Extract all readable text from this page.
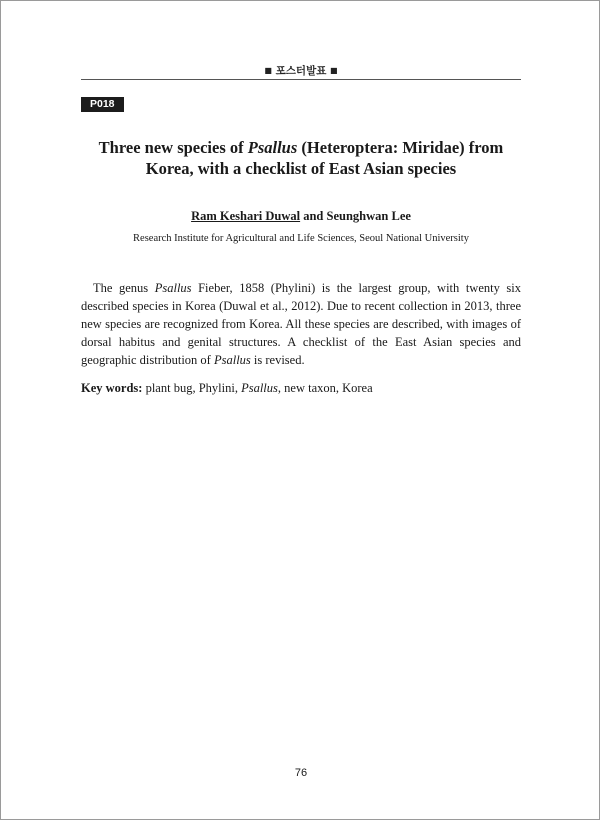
■ 포스터발표 ■
P018
Three new species of Psallus (Heteroptera: Miridae) from Korea, with a checklist of East Asian species
Ram Keshari Duwal and Seunghwan Lee
Research Institute for Agricultural and Life Sciences, Seoul National University

The genus Psallus Fieber, 1858 (Phylini) is the largest group, with twenty six described species in Korea (Duwal et al., 2012). Due to recent collection in 2013, three new species are recognized from Korea. All these species are described, with images of dorsal habitus and genital structures. A checklist of the East Asian species and geographic distribution of Psallus is revised.

Key words: plant bug, Phylini, Psallus, new taxon, Korea

76
